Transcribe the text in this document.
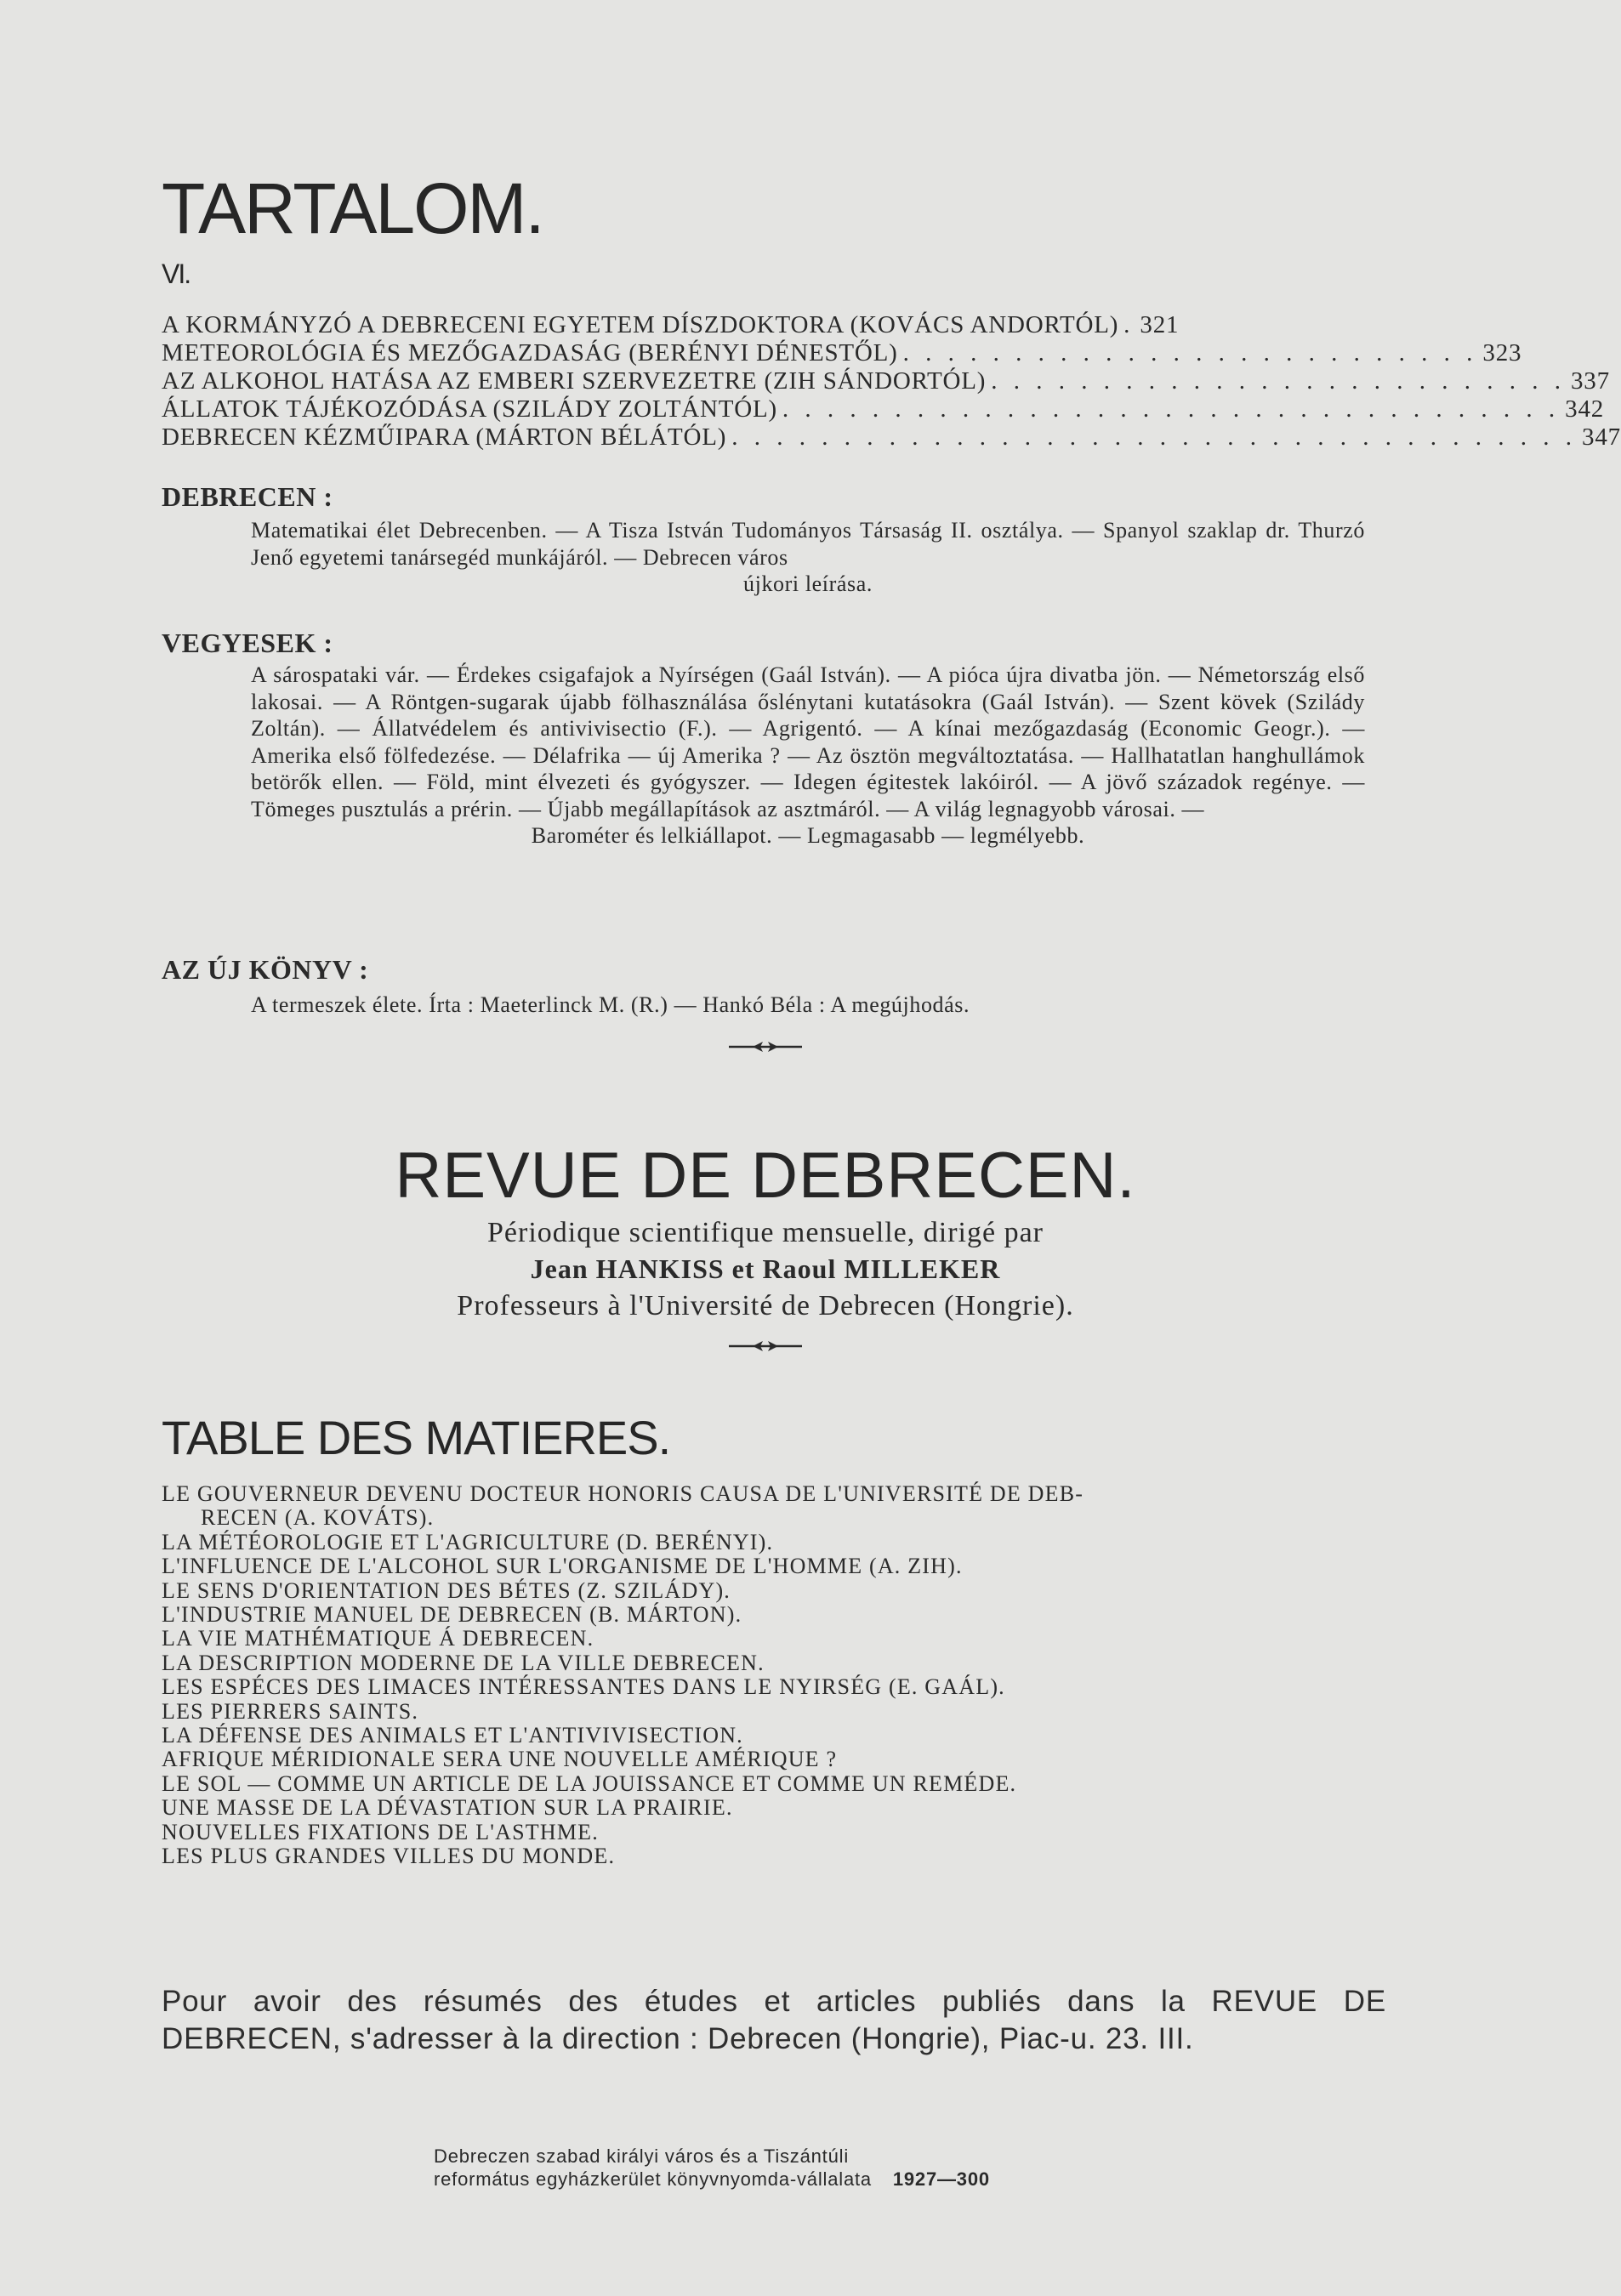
TARTALOM.
VI.
A KORMÁNYZÓ A DEBRECENI EGYETEM DÍSZDOKTORA (KOVÁCS ANDORTÓL) . 321
METEOROLÓGIA ÉS MEZŐGAZDASÁG (BERÉNYI DÉNESTŐL) . . . . . . . . . . . . . . . . . . . . . . . . . . 323
AZ ALKOHOL HATÁSA AZ EMBERI SZERVEZETRE (ZIH SÁNDORTÓL) . . . . . . . . . . . . . . . . . . . . . . . . . . 337
ÁLLATOK TÁJÉKOZÓDÁSA (SZILÁDY ZOLTÁNTÓL) . . . . . . . . . . . . . . . . . . . . . . . . . . . . . . . . . . . 342
DEBRECEN KÉZMŰIPARA (MÁRTON BÉLÁTÓL) . . . . . . . . . . . . . . . . . . . . . . . . . . . . . . . . . . . . . . 347
DEBRECEN :
Matematikai élet Debrecenben. — A Tisza István Tudományos Társaság II. osztálya. — Spanyol szaklap dr. Thurzó Jenő egyetemi tanársegéd munkájáról. — Debrecen város
újkori leírása.
VEGYESEK :
A sárospataki vár. — Érdekes csigafajok a Nyírségen (Gaál István). — A pióca újra divatba jön. — Németország első lakosai. — A Röntgen-sugarak újabb fölhasználása őslénytani kutatásokra (Gaál István). — Szent kövek (Szilády Zoltán). — Állatvédelem és antivivisectio (F.). — Agrigentó. — A kínai mezőgazdaság (Economic Geogr.). — Amerika első fölfedezése. — Délafrika — új Amerika ? — Az ösztön megváltoztatása. — Hallhatatlan hanghullámok betörők ellen. — Föld, mint élvezeti és gyógyszer. — Idegen égitestek lakóiról. — A jövő századok regénye. — Tömeges pusztulás a prérin. — Újabb megállapítások az asztmáról. — A világ legnagyobb városai. —
Barométer és lelkiállapot. — Legmagasabb — legmélyebb.
AZ ÚJ KÖNYV :
A termeszek élete. Írta : Maeterlinck M. (R.) — Hankó Béla : A megújhodás.
REVUE DE DEBRECEN.
Périodique scientifique mensuelle, dirigé par
Jean HANKISS et Raoul MILLEKER
Professeurs à l'Université de Debrecen (Hongrie).
TABLE DES MATIERES.
LE GOUVERNEUR DEVENU DOCTEUR HONORIS CAUSA DE L'UNIVERSITÉ DE DEB-
RECEN (A. KOVÁTS).
LA MÉTÉOROLOGIE ET L'AGRICULTURE (D. BERÉNYI).
L'INFLUENCE DE L'ALCOHOL SUR L'ORGANISME DE L'HOMME (A. ZIH).
LE SENS D'ORIENTATION DES BÉTES (Z. SZILÁDY).
L'INDUSTRIE MANUEL DE DEBRECEN (B. MÁRTON).
LA VIE MATHÉMATIQUE Á DEBRECEN.
LA DESCRIPTION MODERNE DE LA VILLE DEBRECEN.
LES ESPÉCES DES LIMACES INTÉRESSANTES DANS LE NYIRSÉG (E. GAÁL).
LES PIERRERS SAINTS.
LA DÉFENSE DES ANIMALS ET L'ANTIVIVISECTION.
AFRIQUE MÉRIDIONALE SERA UNE NOUVELLE AMÉRIQUE ?
LE SOL — COMME UN ARTICLE DE LA JOUISSANCE ET COMME UN REMÉDE.
UNE MASSE DE LA DÉVASTATION SUR LA PRAIRIE.
NOUVELLES FIXATIONS DE L'ASTHME.
LES PLUS GRANDES VILLES DU MONDE.
Pour avoir des résumés des études et articles publiés dans la REVUE DE
DEBRECEN, s'adresser à la direction : Debrecen (Hongrie), Piac-u. 23. III.
Debreczen szabad királyi város és a Tiszántúli
református egyházkerület könyvnyomda-vállalata 1927—300
